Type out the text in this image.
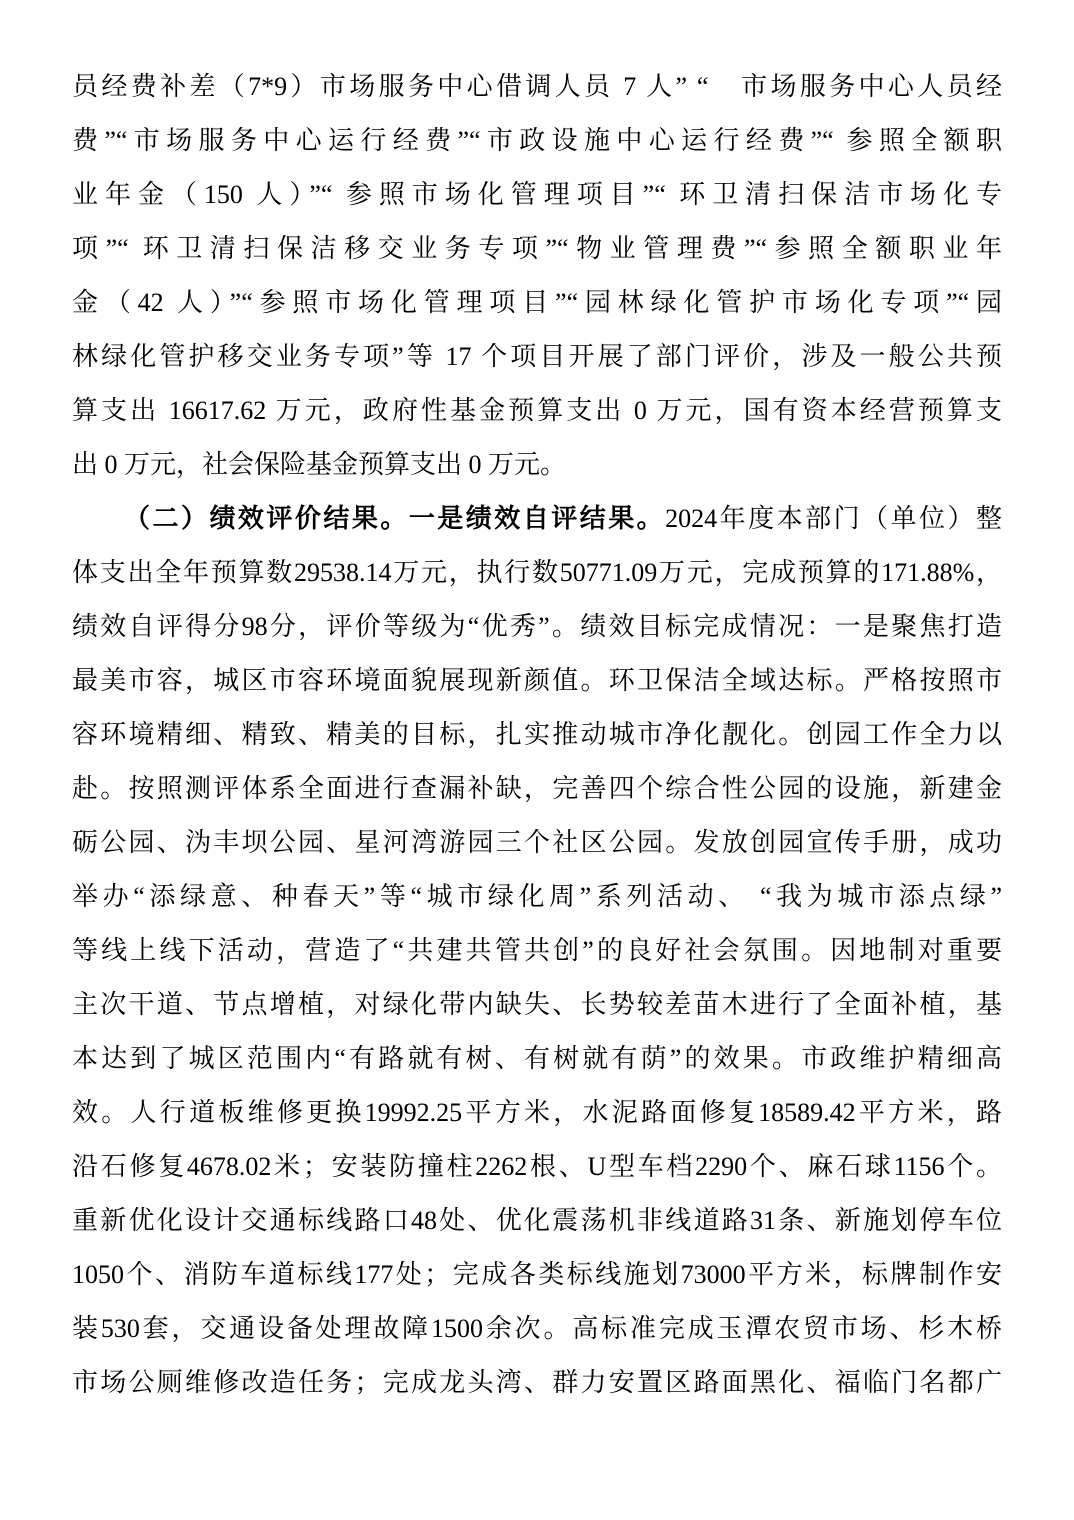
员经费补差（7*9）市场服务中心借调人员 7 人” “　市场服务中心人员经
费”“市场服务中心运行经费”“市政设施中心运行经费”“ 参照全额职
业年金（150 人）”“ 参照市场化管理项目”“ 环卫清扫保洁市场化专
项”“ 环卫清扫保洁移交业务专项”“物业管理费”“参照全额职业年
金（42 人）”“参照市场化管理项目”“园林绿化管护市场化专项”“园
林绿化管护移交业务专项”等 17 个项目开展了部门评价，涉及一般公共预
算支出 16617.62 万元，政府性基金预算支出 0 万元，国有资本经营预算支
出 0 万元，社会保险基金预算支出 0 万元。
（二）绩效评价结果。一是绩效自评结果。2024年度本部门（单位）整
体支出全年预算数29538.14万元，执行数50771.09万元，完成预算的171.88%，
绩效自评得分98分，评价等级为“优秀”。绩效目标完成情况：一是聚焦打造
最美市容，城区市容环境面貌展现新颜值。环卫保洁全域达标。严格按照市
容环境精细、精致、精美的目标，扎实推动城市净化靓化。创园工作全力以
赴。按照测评体系全面进行查漏补缺，完善四个综合性公园的设施，新建金
砺公园、沩丰坝公园、星河湾游园三个社区公园。发放创园宣传手册，成功
举办“添绿意、种春天”等“城市绿化周”系列活动、 “我为城市添点绿”
等线上线下活动，营造了“共建共管共创”的良好社会氛围。因地制对重要
主次干道、节点增植，对绿化带内缺失、长势较差苗木进行了全面补植，基
本达到了城区范围内“有路就有树、有树就有荫”的效果。市政维护精细高
效。人行道板维修更换19992.25平方米，水泥路面修复18589.42平方米，路
沿石修复4678.02米；安装防撞柱2262根、U型车档2290个、麻石球1156个。
重新优化设计交通标线路口48处、优化震荡机非线道路31条、新施划停车位
1050个、消防车道标线177处；完成各类标线施划73000平方米，标牌制作安
装530套，交通设备处理故障1500余次。高标准完成玉潭农贸市场、杉木桥
市场公厕维修改造任务；完成龙头湾、群力安置区路面黑化、福临门名都广
